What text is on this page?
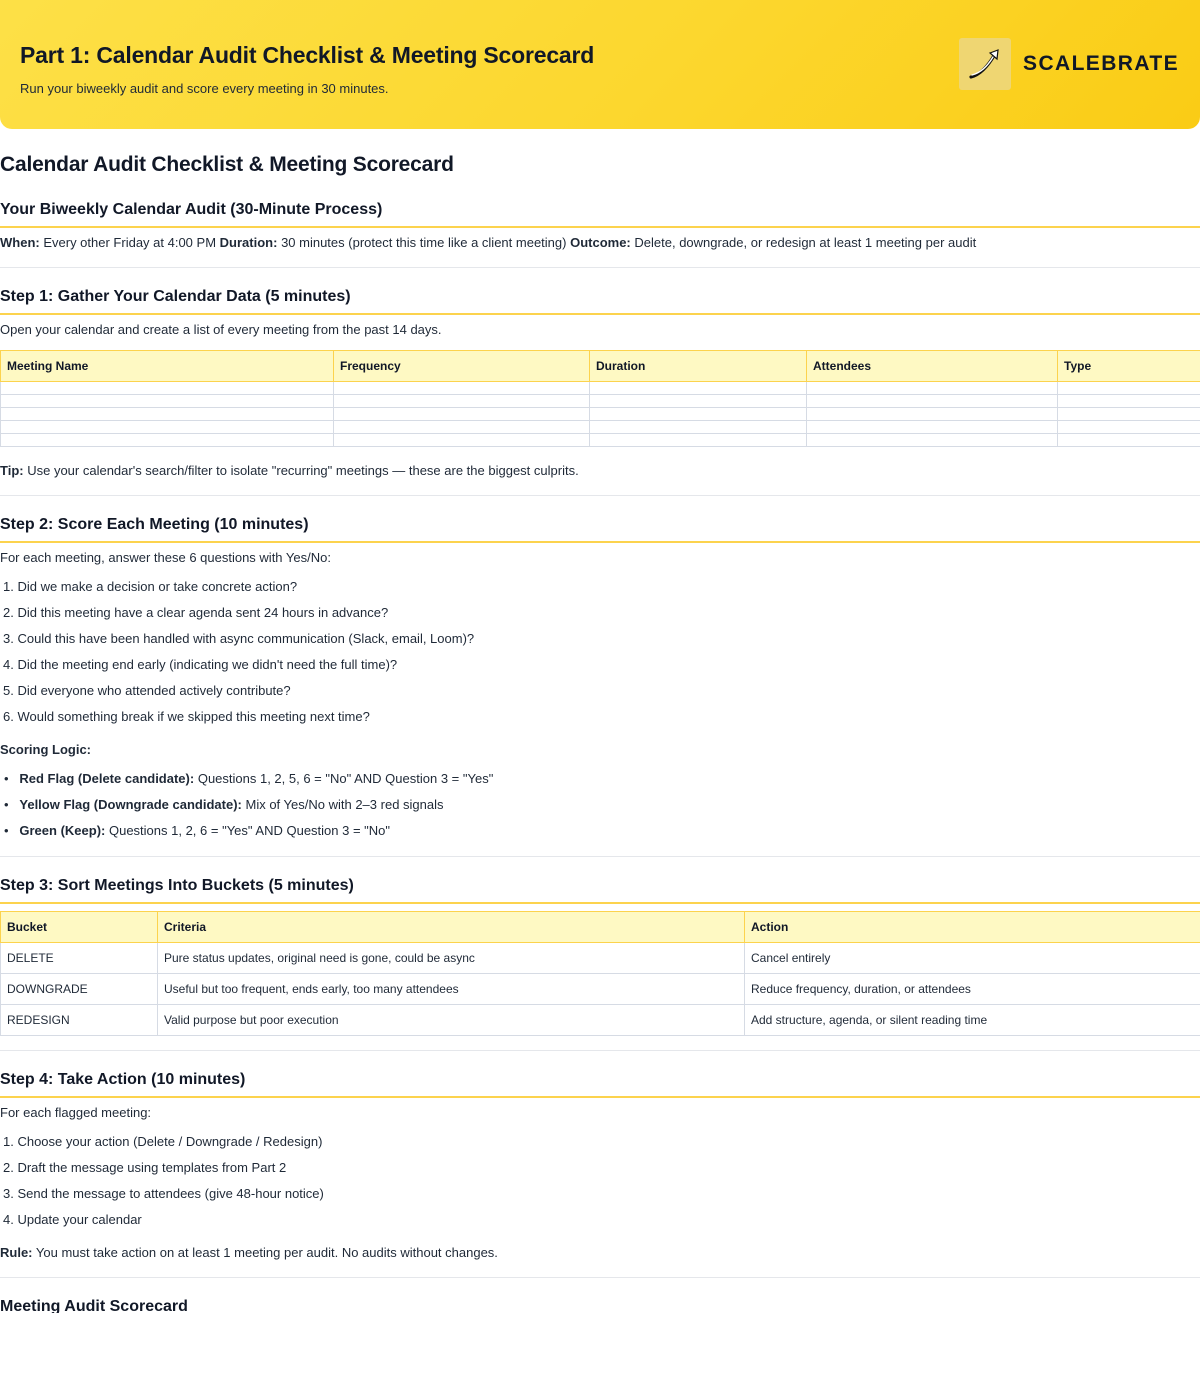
Part 1: Calendar Audit Checklist & Meeting Scorecard
Run your biweekly audit and score every meeting in 30 minutes.
SCALEBRATE
Calendar Audit Checklist & Meeting Scorecard
Your Biweekly Calendar Audit (30-Minute Process)
When: Every other Friday at 4:00 PM Duration: 30 minutes (protect this time like a client meeting) Outcome: Delete, downgrade, or redesign at least 1 meeting per audit
Step 1: Gather Your Calendar Data (5 minutes)
Open your calendar and create a list of every meeting from the past 14 days.
Meeting Name	Frequency	Duration	Attendees	Type

Tip: Use your calendar's search/filter to isolate "recurring" meetings — these are the biggest culprits.
Step 2: Score Each Meeting (10 minutes)
For each meeting, answer these 6 questions with Yes/No:
1. Did we make a decision or take concrete action?
2. Did this meeting have a clear agenda sent 24 hours in advance?
3. Could this have been handled with async communication (Slack, email, Loom)?
4. Did the meeting end early (indicating we didn't need the full time)?
5. Did everyone who attended actively contribute?
6. Would something break if we skipped this meeting next time?
Scoring Logic:
•   Red Flag (Delete candidate): Questions 1, 2, 5, 6 = "No" AND Question 3 = "Yes"
•   Yellow Flag (Downgrade candidate): Mix of Yes/No with 2–3 red signals
•   Green (Keep): Questions 1, 2, 6 = "Yes" AND Question 3 = "No"
Step 3: Sort Meetings Into Buckets (5 minutes)
Bucket	Criteria	Action
DELETE	Pure status updates, original need is gone, could be async	Cancel entirely
DOWNGRADE	Useful but too frequent, ends early, too many attendees	Reduce frequency, duration, or attendees
REDESIGN	Valid purpose but poor execution	Add structure, agenda, or silent reading time
Step 4: Take Action (10 minutes)
For each flagged meeting:
1. Choose your action (Delete / Downgrade / Redesign)
2. Draft the message using templates from Part 2
3. Send the message to attendees (give 48-hour notice)
4. Update your calendar
Rule: You must take action on at least 1 meeting per audit. No audits without changes.
Meeting Audit Scorecard
